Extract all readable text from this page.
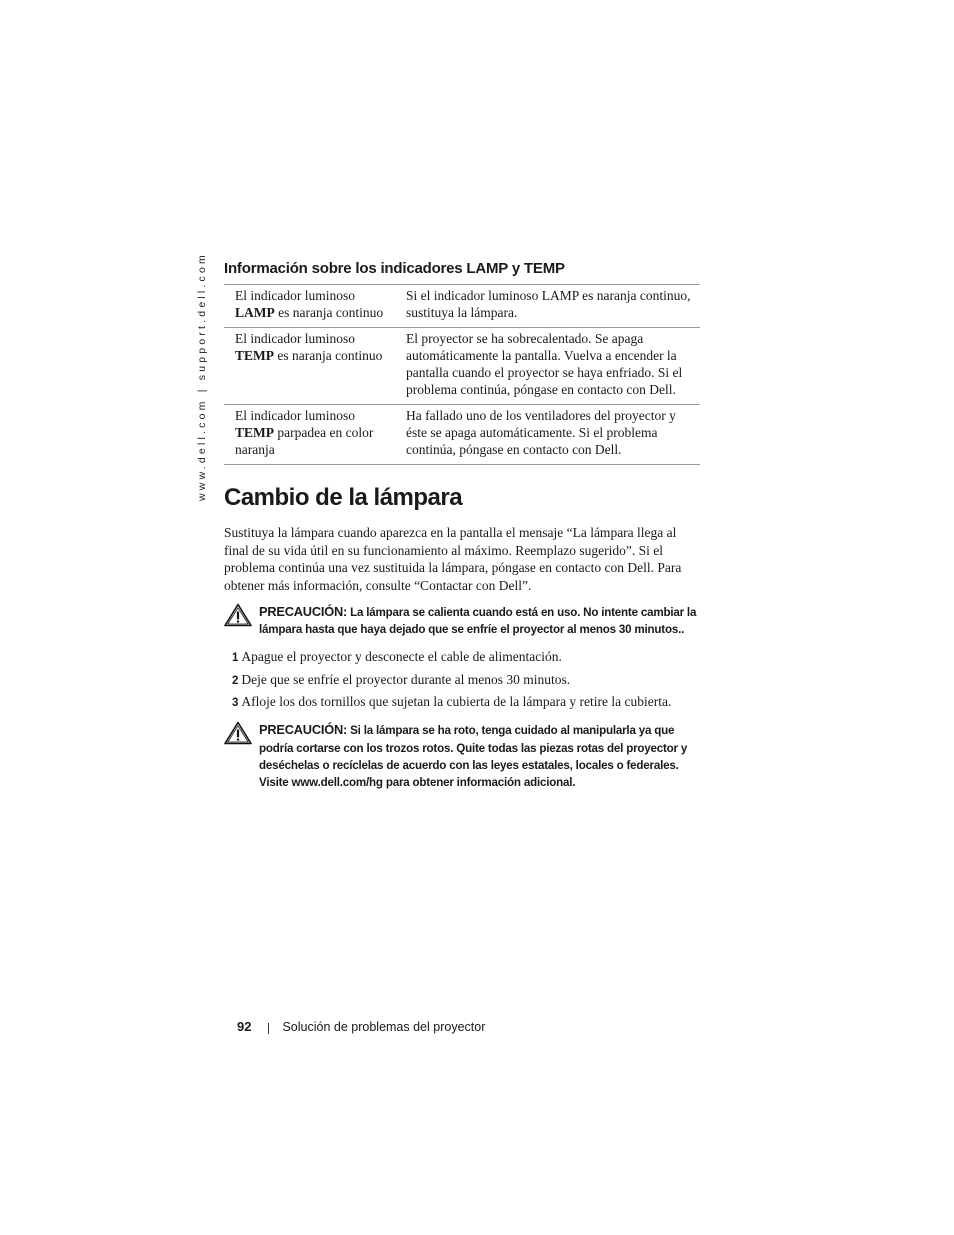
www.dell.com | support.dell.com Información sobre los indicadores LAMP y TEMP
El indicador luminoso LAMP es naranja continuo	Si el indicador luminoso LAMP es naranja continuo, sustituya la lámpara.
El indicador luminoso TEMP es naranja continuo	El proyector se ha sobrecalentado. Se apaga automáticamente la pantalla. Vuelva a encender la pantalla cuando el proyector se haya enfriado. Si el problema continúa, póngase en contacto con Dell.
El indicador luminoso TEMP parpadea en color naranja	Ha fallado uno de los ventiladores del proyector y éste se apaga automáticamente. Si el problema continúa, póngase en contacto con Dell.
Cambio de la lámpara

Sustituya la lámpara cuando aparezca en la pantalla el mensaje “La lámpara llega al final de su vida útil en su funcionamiento al máximo. Reemplazo sugerido”. Si el problema continúa una vez sustituida la lámpara, póngase en contacto con Dell. Para obtener más información, consulte “Contactar con Dell”.

PRECAUCIÓN: La lámpara se calienta cuando está en uso. No intente cambiar la lámpara hasta que haya dejado que se enfríe el proyector al menos 30 minutos..
1 Apague el proyector y desconecte el cable de alimentación.
2 Deje que se enfríe el proyector durante al menos 30 minutos.
3 Afloje los dos tornillos que sujetan la cubierta de la lámpara y retire la cubierta.
PRECAUCIÓN: Si la lámpara se ha roto, tenga cuidado al manipularla ya que podría cortarse con los trozos rotos. Quite todas las piezas rotas del proyector y deséchelas o recíclelas de acuerdo con las leyes estatales, locales o federales. Visite www.dell.com/hg para obtener información adicional.
92 Solución de problemas del proyector
